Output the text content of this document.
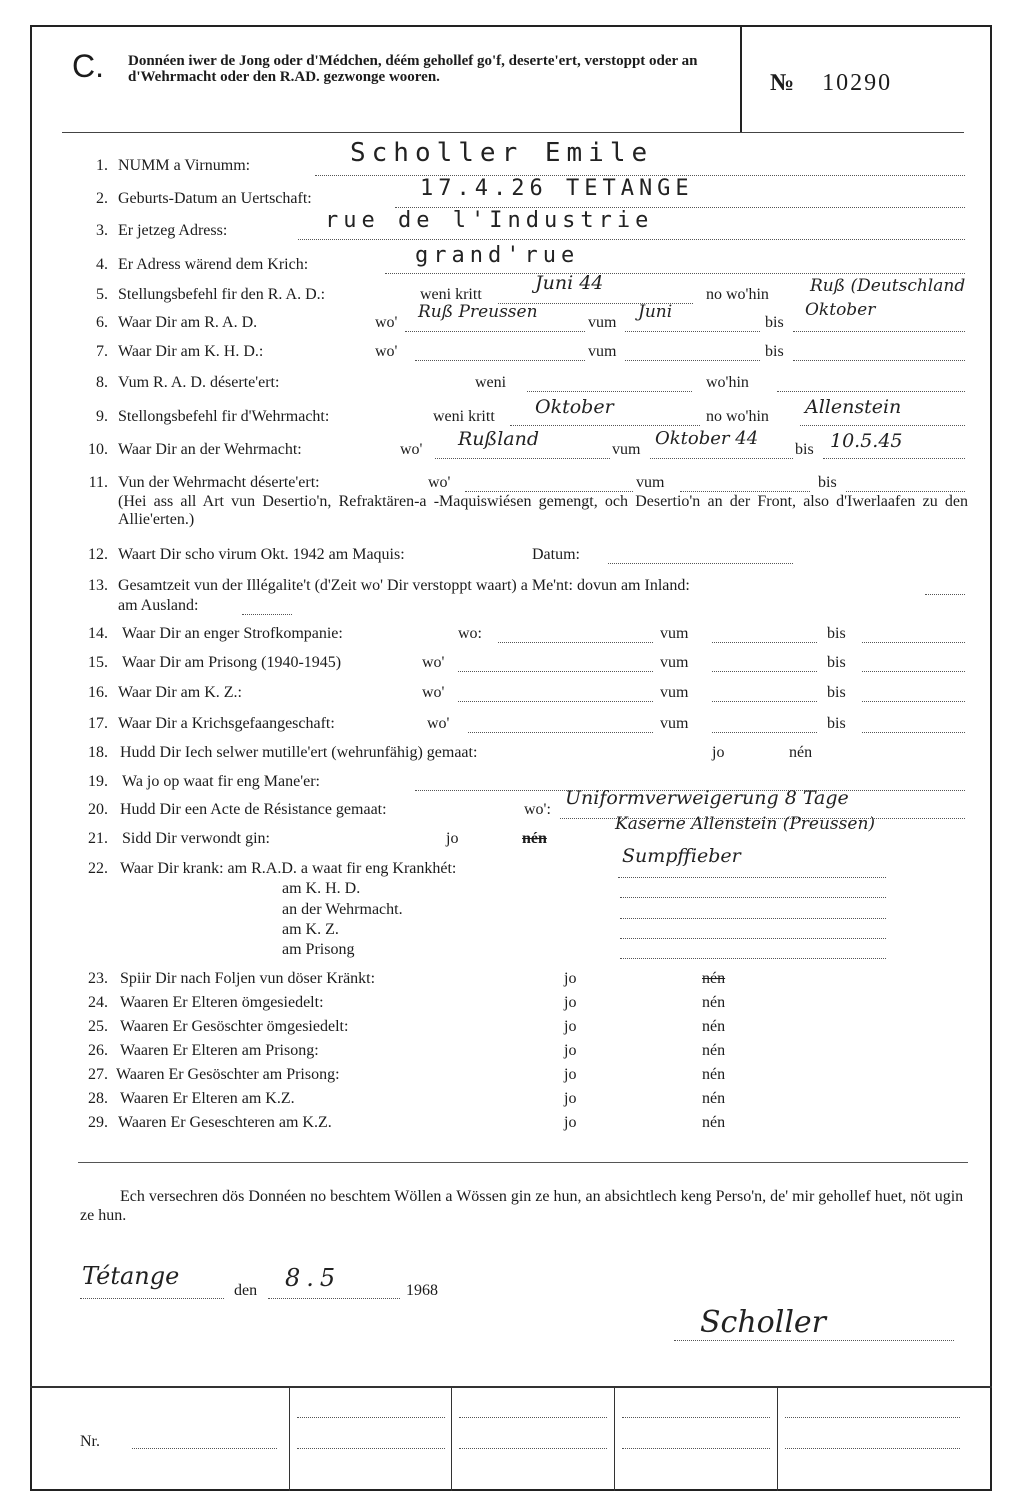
C. Donnéen iwer de Jong oder d'Médchen, déém gehollef go'f, deserte'ert, verstoppt oder an d'Wehrmacht oder den R.AD. gezwonge wooren.	№ 10290
1. NUMM a Virnumm:	Scholler Emile
2. Geburts-Datum an Uertschaft:	17.4.26 TETANGE
3. Er jetzeg Adress:	rue de l'Industrie
4. Er Adress wärend dem Krich:	grand'rue
5. Stellungsbefehl fir den R. A. D.:	weni kritt	no wo'hin
Juni 44	Ruß (Deutschland
6. Waar Dir am R. A. D.	wo'	vum	bis
Ruß Preussen	Juni	Oktober
7. Waar Dir am K. H. D.:	wo'	vum	bis
8. Vum R. A. D. déserte'ert:	weni	wo'hin
9. Stellongsbefehl fir d'Wehrmacht:	weni kritt	no wo'hin
Oktober	Allenstein
10. Waar Dir an der Wehrmacht:	wo'	vum	bis
Rußland	Oktober 44	10.5.45
11. Vun der Wehrmacht déserte'ert:	wo'	vum	bis
(Hei ass all Art vun Desertio'n, Refraktären-a -Maquiswiésen gemengt, och Desertio'n an der Front, also d'Iwerlaafen zu den Allie'erten.)
12. Waart Dir scho virum Okt. 1942 am Maquis:	Datum:
13. Gesamtzeit vun der Illégalite't (d'Zeit wo' Dir verstoppt waart) a Me'nt: dovun am Inland:
am Ausland:
14. Waar Dir an enger Strofkompanie:	wo:	vum	bis
15. Waar Dir am Prisong (1940-1945)	wo'	vum	bis
16. Waar Dir am K. Z.:	wo'	vum	bis
17. Waar Dir a Krichsgefaangeschaft:	wo'	vum	bis
18. Hudd Dir Iech selwer mutille'ert (wehrunfähig) gemaat:	jo	nén
19. Wa jo op waat fir eng Mane'er:
20. Hudd Dir een Acte de Résistance gemaat:	wo':
Uniformverweigerung 8 Tage
21. Sidd Dir verwondt gin:	jo	nén
Kaserne Allenstein (Preussen)
22. Waar Dir krank: am R.A.D. a waat fir eng Krankhét:
Sumpffieber
am K. H. D.
an der Wehrmacht.
am K. Z.
am Prisong
23. Spiir Dir nach Foljen vun döser Kränkt:	jo	nén
24. Waaren Er Elteren ömgesiedelt:	jo	nén
25. Waaren Er Gesöschter ömgesiedelt:	jo	nén
26. Waaren Er Elteren am Prisong:	jo	nén
27. Waaren Er Gesöschter am Prisong:	jo	nén
28. Waaren Er Elteren am K.Z.	jo	nén
29. Waaren Er Geseschteren am K.Z.	jo	nén
Ech versechren dös Donnéen no beschtem Wöllen a Wössen gin ze hun, an absichtlech keng Perso'n, de' mir gehollef huet, nöt ugin ze hun.
Tétange
den	1968
8.5
Scholler
Nr.
